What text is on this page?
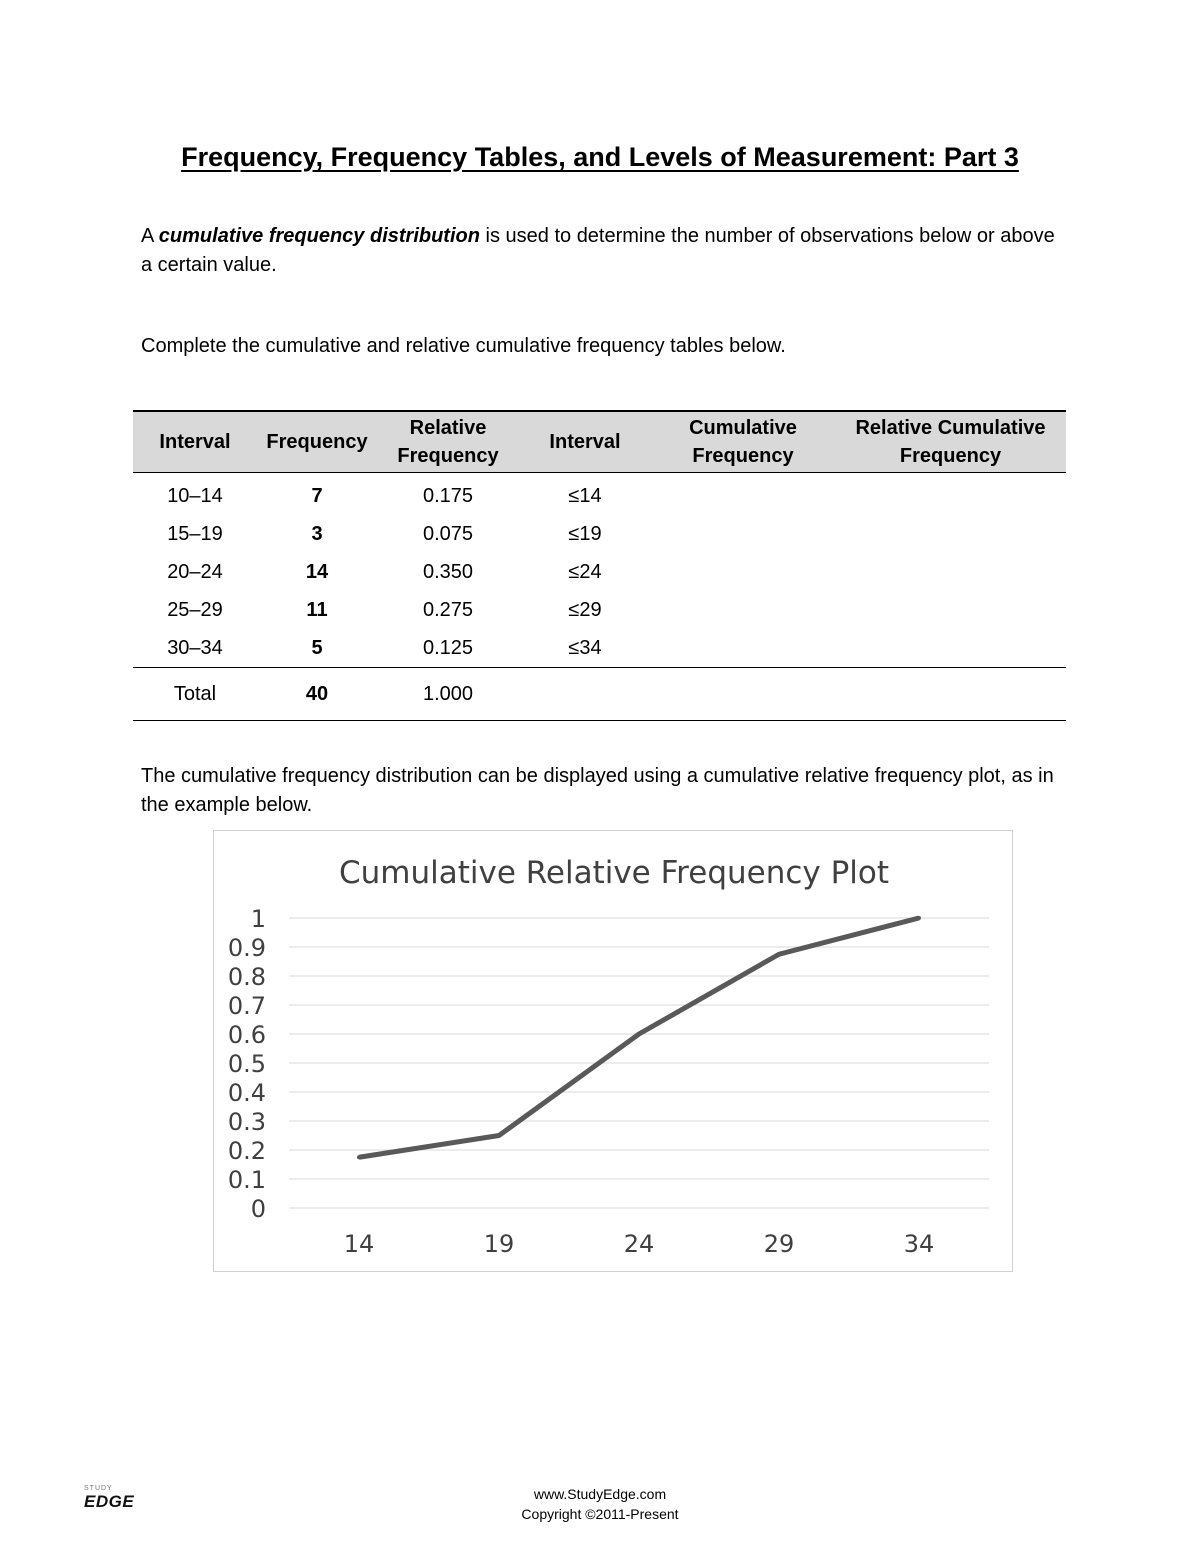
Frequency, Frequency Tables, and Levels of Measurement: Part 3
A cumulative frequency distribution is used to determine the number of observations below or above a certain value.
Complete the cumulative and relative cumulative frequency tables below.
Interval	Frequency	Relative Frequency	Interval	Cumulative Frequency	Relative Cumulative Frequency
10–14	7	0.175	≤14		
15–19	3	0.075	≤19		
20–24	14	0.350	≤24		
25–29	11	0.275	≤29		
30–34	5	0.125	≤34		
Total	40	1.000			
The cumulative frequency distribution can be displayed using a cumulative relative frequency plot, as in the example below.
Cumulative Relative Frequency Plot
0
0.1
0.2
0.3
0.4
0.5
0.6
0.7
0.8
0.9
1
14	19	24	29	34
STUDY
EDGE	www.StudyEdge.com
Copyright ©2011-Present
